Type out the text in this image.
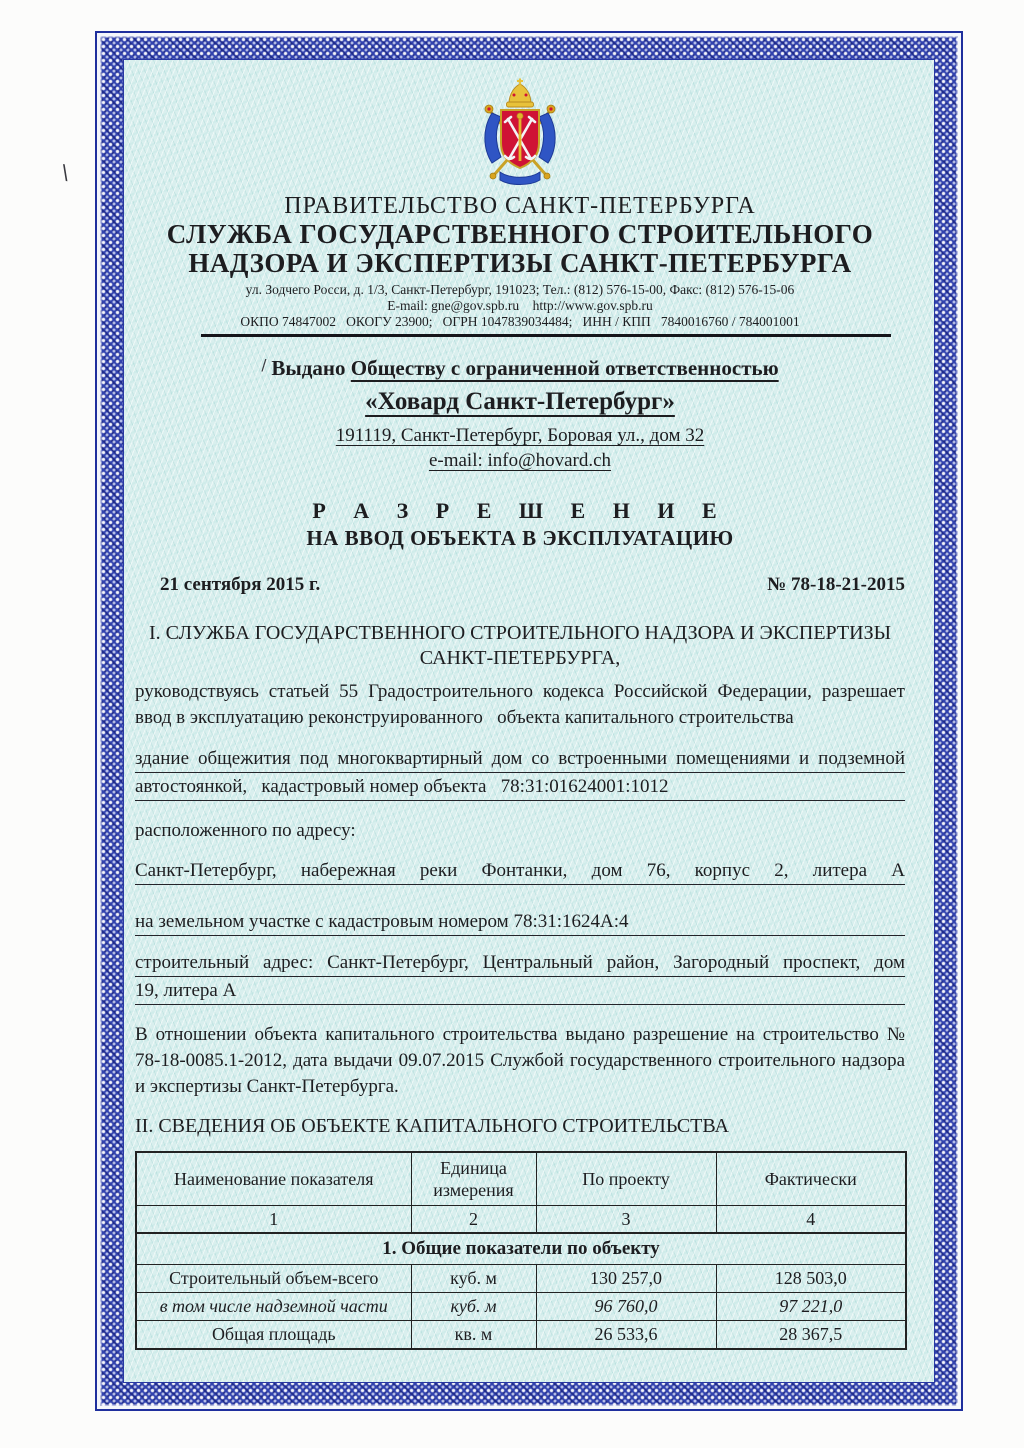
\
ПРАВИТЕЛЬСТВО САНКТ-ПЕТЕРБУРГА
СЛУЖБА ГОСУДАРСТВЕННОГО СТРОИТЕЛЬНОГО
НАДЗОРА И ЭКСПЕРТИЗЫ САНКТ-ПЕТЕРБУРГА
ул. Зодчего Росси, д. 1/3, Санкт-Петербург, 191023; Тел.: (812) 576-15-00, Факс: (812) 576-15-06
E-mail: gne@gov.spb.ru http://www.gov.spb.ru
ОКПО 74847002  ОКОГУ 23900;  ОГРН 1047839034484;  ИНН / КПП  7840016760 / 784001001
/ Выдано Обществу с ограниченной ответственностью
«Ховард Санкт-Петербург»
191119, Санкт-Петербург, Боровая ул., дом 32
e-mail: info@hovard.ch
Р А З Р Е Ш Е Н И Е
НА ВВОД ОБЪЕКТА В ЭКСПЛУАТАЦИЮ
21 сентября 2015 г.	№ 78-18-21-2015
I. СЛУЖБА ГОСУДАРСТВЕННОГО СТРОИТЕЛЬНОГО НАДЗОРА И ЭКСПЕРТИЗЫ
САНКТ-ПЕТЕРБУРГА,
руководствуясь статьей 55 Градостроительного кодекса Российской Федерации, разрешает ввод в эксплуатацию реконструированного  объекта капитального строительства
здание общежития под многоквартирный дом со встроенными помещениями и подземной
автостоянкой,  кадастровый номер объекта  78:31:01624001:1012
расположенного по адресу:
Санкт-Петербург, набережная реки Фонтанки, дом 76, корпус 2, литера А
на земельном участке с кадастровым номером 78:31:1624А:4
строительный адрес: Санкт-Петербург, Центральный район, Загородный проспект, дом
19, литера А
В отношении объекта капитального строительства выдано разрешение на строительство № 78-18-0085.1-2012, дата выдачи 09.07.2015 Службой государственного строительного надзора и экспертизы Санкт-Петербурга.
II. СВЕДЕНИЯ ОБ ОБЪЕКТЕ КАПИТАЛЬНОГО СТРОИТЕЛЬСТВА
Наименование показателя	Единица измерения	По проекту	Фактически
1	2	3	4
1. Общие показатели по объекту			
Строительный объем-всего	куб. м	130 257,0	128 503,0
в том числе надземной части	куб. м	96 760,0	97 221,0
Общая площадь	кв. м	26 533,6	28 367,5
